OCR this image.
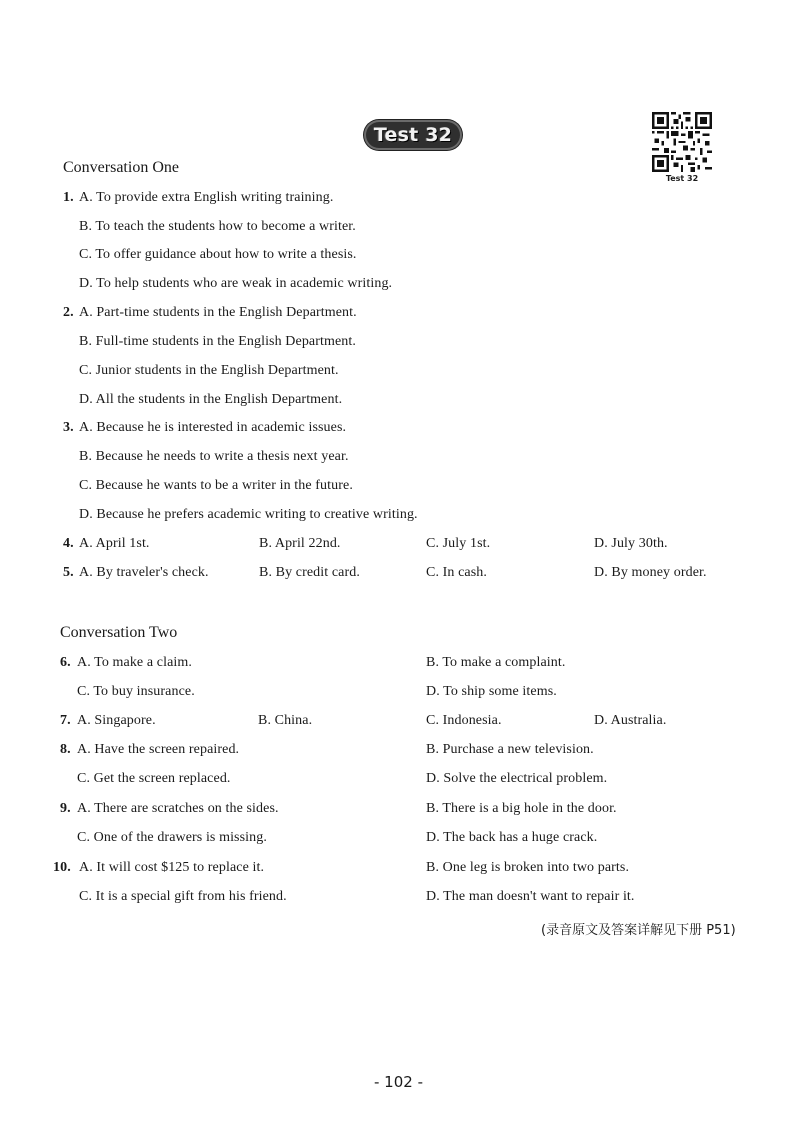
Test 32
Test 32
Conversation One
1. A. To provide extra English writing training.
B. To teach the students how to become a writer.
C. To offer guidance about how to write a thesis.
D. To help students who are weak in academic writing.
2. A. Part-time students in the English Department.
B. Full-time students in the English Department.
C. Junior students in the English Department.
D. All the students in the English Department.
3. A. Because he is interested in academic issues.
B. Because he needs to write a thesis next year.
C. Because he wants to be a writer in the future.
D. Because he prefers academic writing to creative writing.
4. A. April 1st.	B. April 22nd.	C. July 1st.	D. July 30th.
5. A. By traveler's check.	B. By credit card.	C. In cash.	D. By money order.
Conversation Two
6. A. To make a claim.	B. To make a complaint.
C. To buy insurance.	D. To ship some items.
7. A. Singapore.	B. China.	C. Indonesia.	D. Australia.
8. A. Have the screen repaired.	B. Purchase a new television.
C. Get the screen replaced.	D. Solve the electrical problem.
9. A. There are scratches on the sides.	B. There is a big hole in the door.
C. One of the drawers is missing.	D. The back has a huge crack.
10. A. It will cost $125 to replace it.	B. One leg is broken into two parts.
C. It is a special gift from his friend.	D. The man doesn't want to repair it.
(录音原文及答案详解见下册 P51)
- 102 -
